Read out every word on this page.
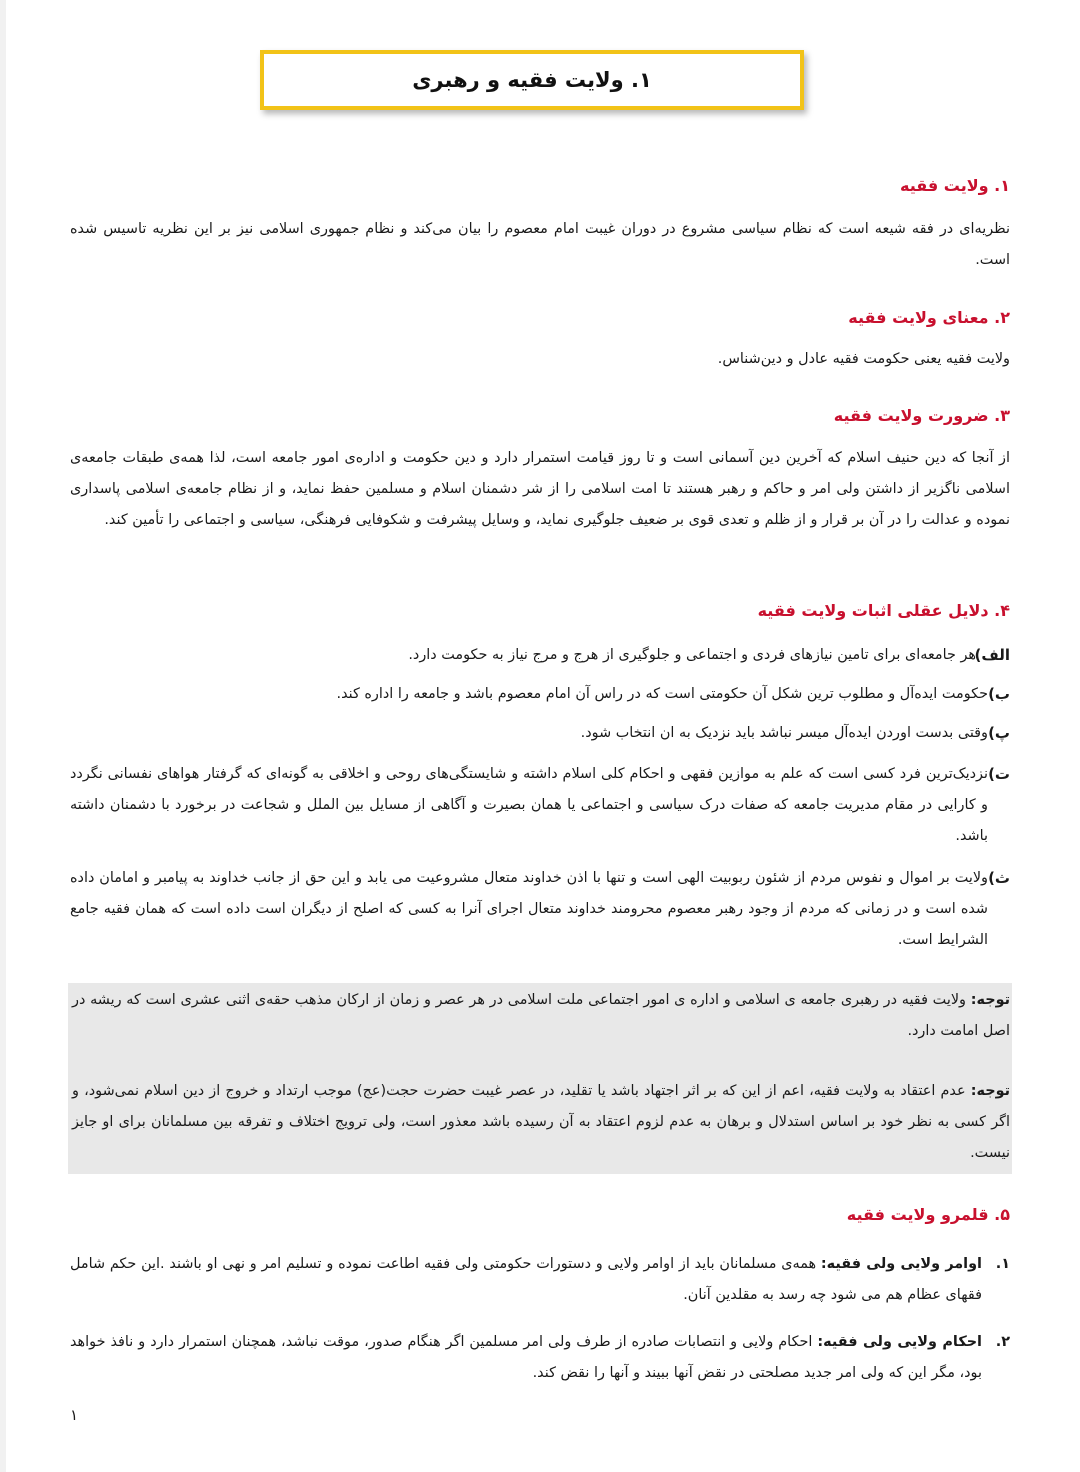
۱. ولایت فقیه و رهبری
۱. ولایت فقیه
نظریه‌ای در فقه شیعه است که نظام سیاسی مشروع در دوران غیبت امام معصوم را بیان می‌کند و نظام جمهوری اسلامی نیز بر این نظریه تاسیس شده است.
۲. معنای ولایت فقیه
ولایت فقیه یعنی حکومت فقیه عادل و دین‌شناس.
۳. ضرورت ولایت فقیه
از آنجا که دین حنیف اسلام که آخرین دین آسمانی است و تا روز قیامت استمرار دارد و دین حکومت و اداره‌ی امور جامعه است، لذا همه‌ی طبقات جامعه‌ی اسلامی ناگزیر از داشتن ولی امر و حاکم و رهبر هستند تا امت اسلامی را از شر دشمنان اسلام و مسلمین حفظ نماید، و از نظام جامعه‌ی اسلامی پاسداری نموده و عدالت را در آن بر قرار و از ظلم و تعدی قوی بر ضعیف جلوگیری نماید، و وسایل پیشرفت و شکوفایی فرهنگی، سیاسی و اجتماعی را تأمین کند.
۴. دلایل عقلی اثبات ولایت فقیه
الف)
هر جامعه‌ای برای تامین نیازهای فردی و اجتماعی و جلوگیری از هرج و مرج نیاز به حکومت دارد.
ب)
حکومت ایده‌آل و مطلوب ترین شکل آن حکومتی است که در راس آن امام معصوم باشد و جامعه را اداره کند.
پ)
وقتی بدست اوردن ایده‌آل میسر نباشد باید نزدیک به ان انتخاب شود.
ت)
نزدیک‌ترین فرد کسی است که علم به موازین فقهی و احکام کلی اسلام داشته و شایستگی‌های روحی و اخلاقی به گونه‌ای که گرفتار هواهای نفسانی نگردد و کارایی در مقام مدیریت جامعه که صفات درک سیاسی و اجتماعی یا همان بصیرت و آگاهی از مسایل بین الملل و شجاعت در برخورد با دشمنان داشته باشد.
ث)
ولایت بر اموال و نفوس مردم از شئون ربوبیت الهی است و تنها با اذن خداوند متعال مشروعیت می یابد و این حق از جانب خداوند به پیامبر و امامان داده شده است و در زمانی که مردم از وجود رهبر معصوم محرومند خداوند متعال اجرای آنرا به کسی که اصلح از دیگران است داده است که همان فقیه جامع الشرایط است.
توجه: ولایت فقیه در رهبری جامعه ی اسلامی و اداره ی امور اجتماعی ملت اسلامی در هر عصر و زمان از ارکان مذهب حقه‌ی اثنی عشری است که ریشه در اصل امامت دارد.
توجه: عدم اعتقاد به ولایت فقیه، اعم از این که بر اثر اجتهاد باشد یا تقلید، در عصر غیبت حضرت حجت(عج) موجب ارتداد و خروج از دین اسلام نمی‌شود، و اگر کسی به نظر خود بر اساس استدلال و برهان به عدم لزوم اعتقاد به آن رسیده باشد معذور است، ولی ترویج اختلاف و تفرقه بین مسلمانان برای او جایز نیست.
۵. قلمرو ولایت فقیه
۱.
اوامر ولایی ولی فقیه: همه‌ی مسلمانان باید از اوامر ولایی و دستورات حکومتی ولی فقیه اطاعت نموده و تسلیم امر و نهی او باشند .این حکم شامل فقهای عظام هم می شود چه رسد به مقلدین آنان.
۲.
احکام ولایی ولی فقیه: احکام ولایی و انتصابات صادره از طرف ولی امر مسلمین اگر هنگام صدور، موقت نباشد، همچنان استمرار دارد و نافذ خواهد بود، مگر این که ولی امر جدید مصلحتی در نقض آنها ببیند و آنها را نقض کند.
۱
